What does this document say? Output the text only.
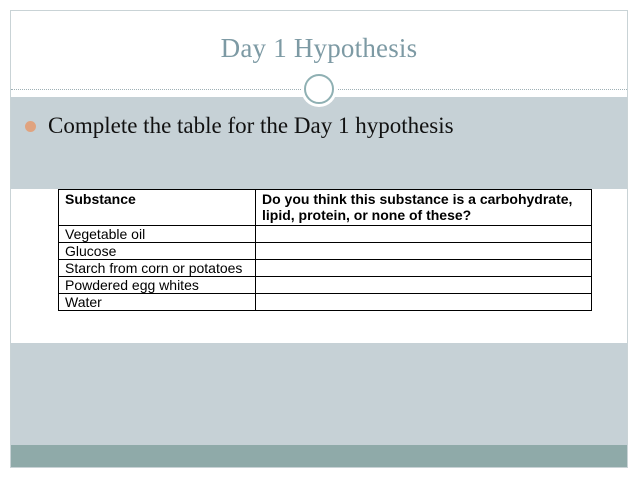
Day 1 Hypothesis
Complete the table for the Day 1 hypothesis
Substance	Do you think this substance is a carbohydrate, lipid, protein, or none of these?
Vegetable oil	
Glucose	
Starch from corn or potatoes	
Powdered egg whites	
Water	
